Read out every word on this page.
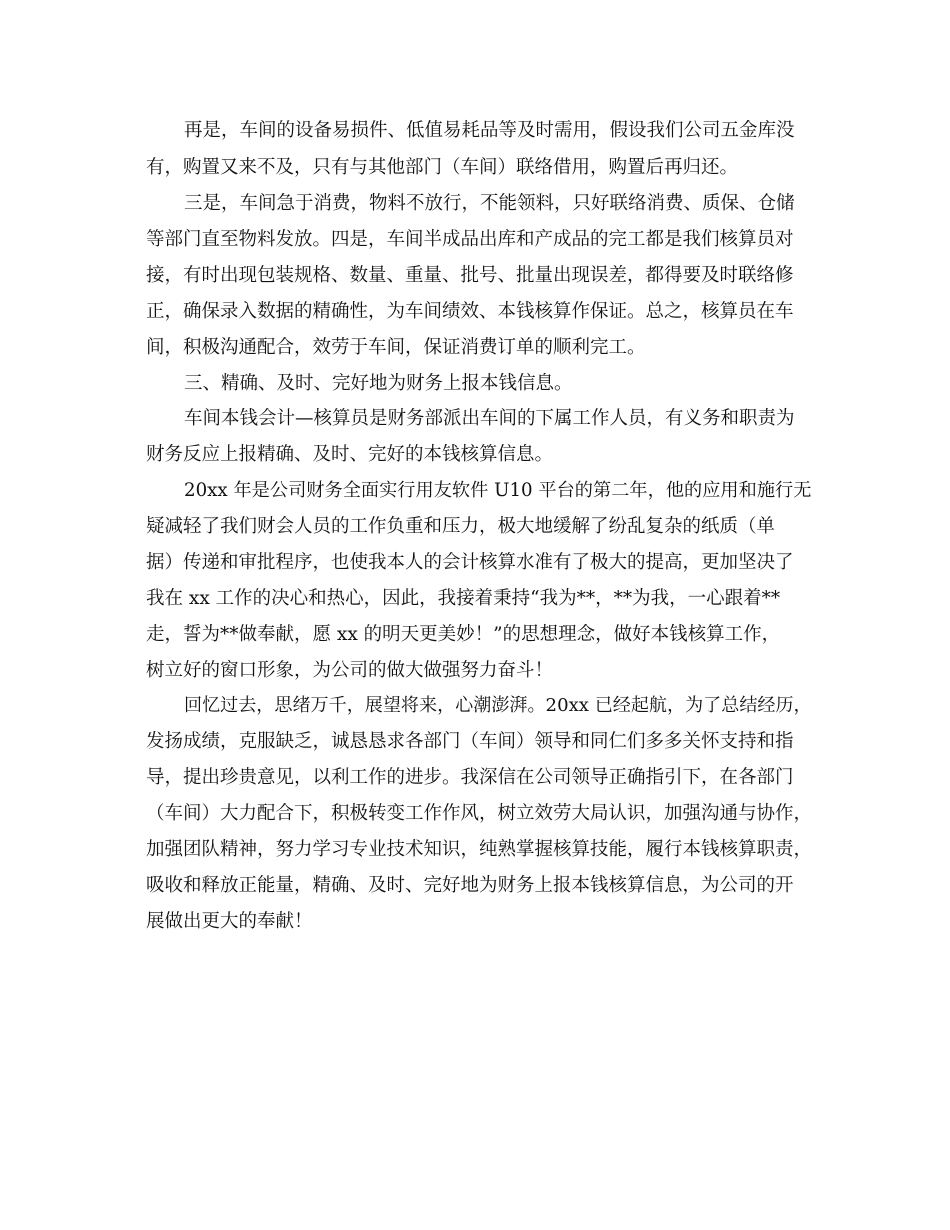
再是，车间的设备易损件、低值易耗品等及时需用，假设我们公司五金库没
有，购置又来不及，只有与其他部门（车间）联络借用，购置后再归还。
三是，车间急于消费，物料不放行，不能领料，只好联络消费、质保、仓储
等部门直至物料发放。四是，车间半成品出库和产成品的完工都是我们核算员对
接，有时出现包装规格、数量、重量、批号、批量出现误差，都得要及时联络修
正，确保录入数据的精确性，为车间绩效、本钱核算作保证。总之，核算员在车
间，积极沟通配合，效劳于车间，保证消费订单的顺利完工。
三、精确、及时、完好地为财务上报本钱信息。
车间本钱会计—核算员是财务部派出车间的下属工作人员，有义务和职责为
财务反应上报精确、及时、完好的本钱核算信息。
20xx 年是公司财务全面实行用友软件 U10 平台的第二年，他的应用和施行无
疑减轻了我们财会人员的工作负重和压力，极大地缓解了纷乱复杂的纸质（单
据）传递和审批程序，也使我本人的会计核算水准有了极大的提高，更加坚决了
我在 xx 工作的决心和热心，因此，我接着秉持“我为**，**为我，一心跟着**
走，誓为**做奉献，愿 xx 的明天更美妙！”的思想理念，做好本钱核算工作，
树立好的窗口形象，为公司的做大做强努力奋斗！
回忆过去，思绪万千，展望将来，心潮澎湃。20xx 已经起航，为了总结经历，
发扬成绩，克服缺乏，诚恳恳求各部门（车间）领导和同仁们多多关怀支持和指
导，提出珍贵意见，以利工作的进步。我深信在公司领导正确指引下，在各部门
（车间）大力配合下，积极转变工作作风，树立效劳大局认识，加强沟通与协作，
加强团队精神，努力学习专业技术知识，纯熟掌握核算技能，履行本钱核算职责，
吸收和释放正能量，精确、及时、完好地为财务上报本钱核算信息，为公司的开
展做出更大的奉献！
